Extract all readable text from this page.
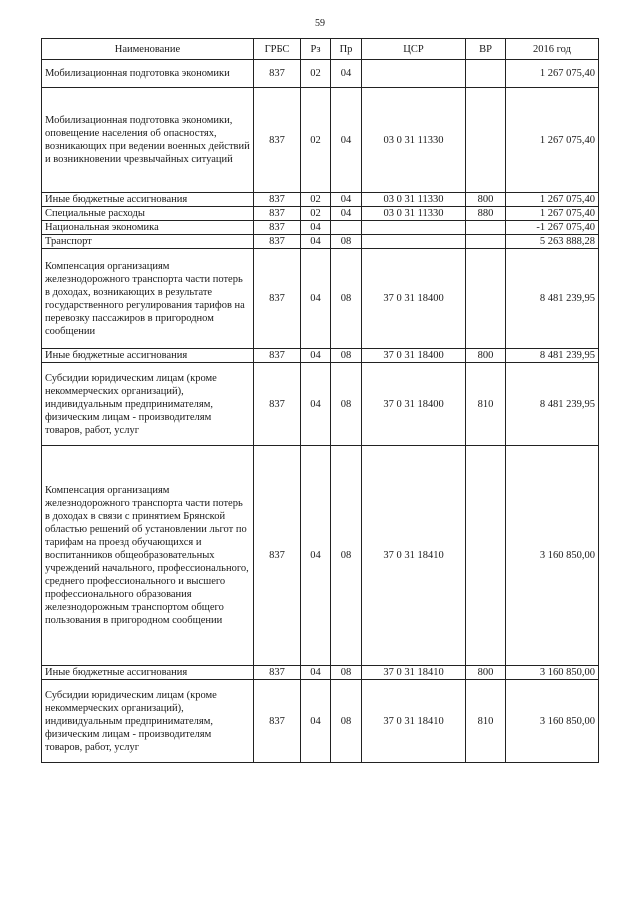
59
Наименование	ГРБС	Рз	Пр	ЦСР	ВР	2016 год
Мобилизационная подготовка экономики	837	02	04			1 267 075,40
Мобилизационная подготовка экономики, оповещение населения об опасностях, возникающих при ведении военных действий и возникновении чрезвычайных ситуаций	837	02	04	03 0 31 11330		1 267 075,40
Иные бюджетные ассигнования	837	02	04	03 0 31 11330	800	1 267 075,40
Специальные расходы	837	02	04	03 0 31 11330	880	1 267 075,40
Национальная экономика	837	04				-1 267 075,40
Транспорт	837	04	08			5 263 888,28
Компенсация организациям железнодорожного транспорта части потерь в доходах, возникающих в результате государственного регулирования тарифов на перевозку пассажиров в пригородном сообщении	837	04	08	37 0 31 18400		8 481 239,95
Иные бюджетные ассигнования	837	04	08	37 0 31 18400	800	8 481 239,95
Субсидии юридическим лицам (кроме некоммерческих организаций), индивидуальным предпринимателям, физическим лицам - производителям товаров, работ, услуг	837	04	08	37 0 31 18400	810	8 481 239,95
Компенсация организациям железнодорожного транспорта части потерь в доходах в связи с принятием Брянской областью решений об установлении льгот по тарифам на проезд обучающихся и воспитанников общеобразовательных учреждений начального, профессионального, среднего профессионального и высшего профессионального образования железнодорожным транспортом общего пользования в пригородном сообщении	837	04	08	37 0 31 18410		3 160 850,00
Иные бюджетные ассигнования	837	04	08	37 0 31 18410	800	3 160 850,00
Субсидии юридическим лицам (кроме некоммерческих организаций), индивидуальным предпринимателям, физическим лицам - производителям товаров, работ, услуг	837	04	08	37 0 31 18410	810	3 160 850,00
